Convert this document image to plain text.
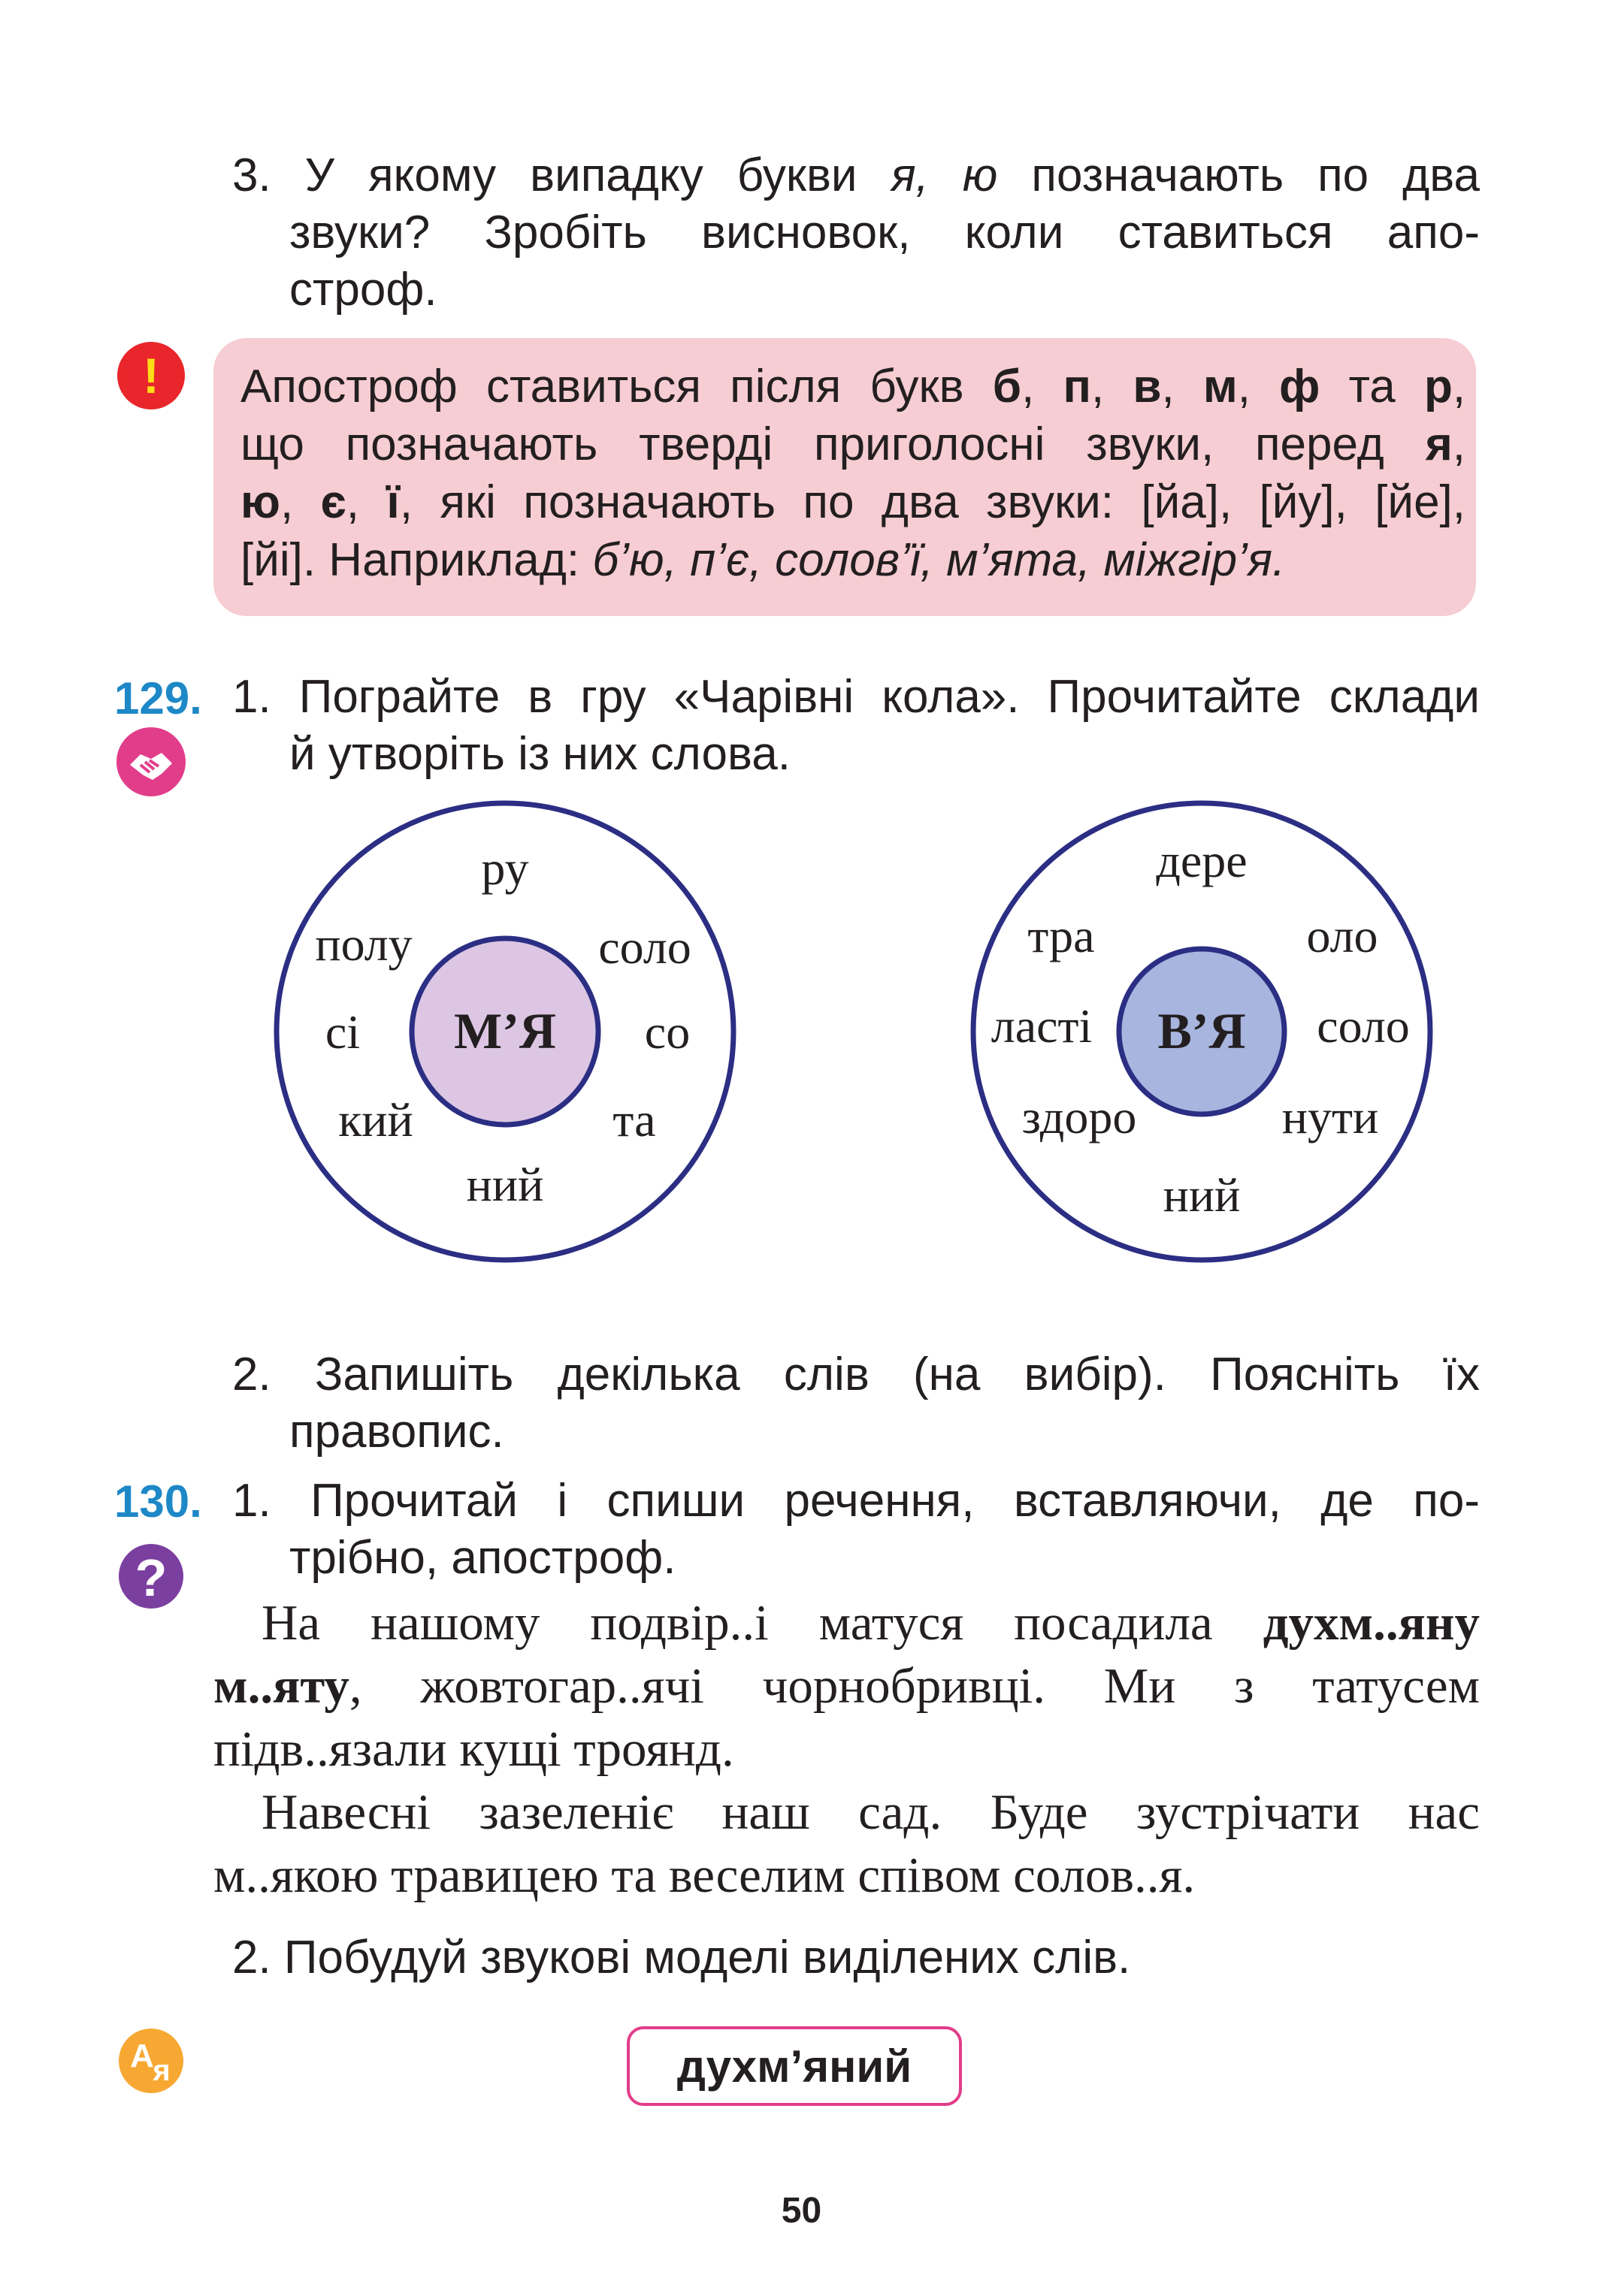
3. У якому випадку букви я, ю позначають по два
звуки? Зробіть висновок, коли ставиться апо-
строф.
! Апостроф ставиться після букв б, п, в, м, ф та р,
що позначають тверді приголосні звуки, перед я,
ю, є, ї, які позначають по два звуки: [йа], [йу], [йе],
[йі]. Наприклад: б’ю, п’є, солов’ї, м’ята, міжгір’я.
129. 1. Пограйте в гру «Чарівні кола». Прочитайте склади
й утворіть із них слова.
М’Я
ру
полу	соло
сі	со
кий	та
ний
В’Я
дере
тра	оло
ласті	соло
здоро	нути
ний
2. Запишіть декілька слів (на вибір). Поясніть їх
правопис.
130.
?
1. Прочитай і спиши речення, вставляючи, де по-
трібно, апостроф.
На нашому подвір..і матуся посадила духм..яну
м..яту, жовтогар..ячі чорнобривці. Ми з татусем
підв..язали кущі троянд.
Навесні зазеленіє наш сад. Буде зустрічати нас
м..якою травицею та веселим співом солов..я.
2. Побудуй звукові моделі виділених слів.
А
я	духм’яний
50
